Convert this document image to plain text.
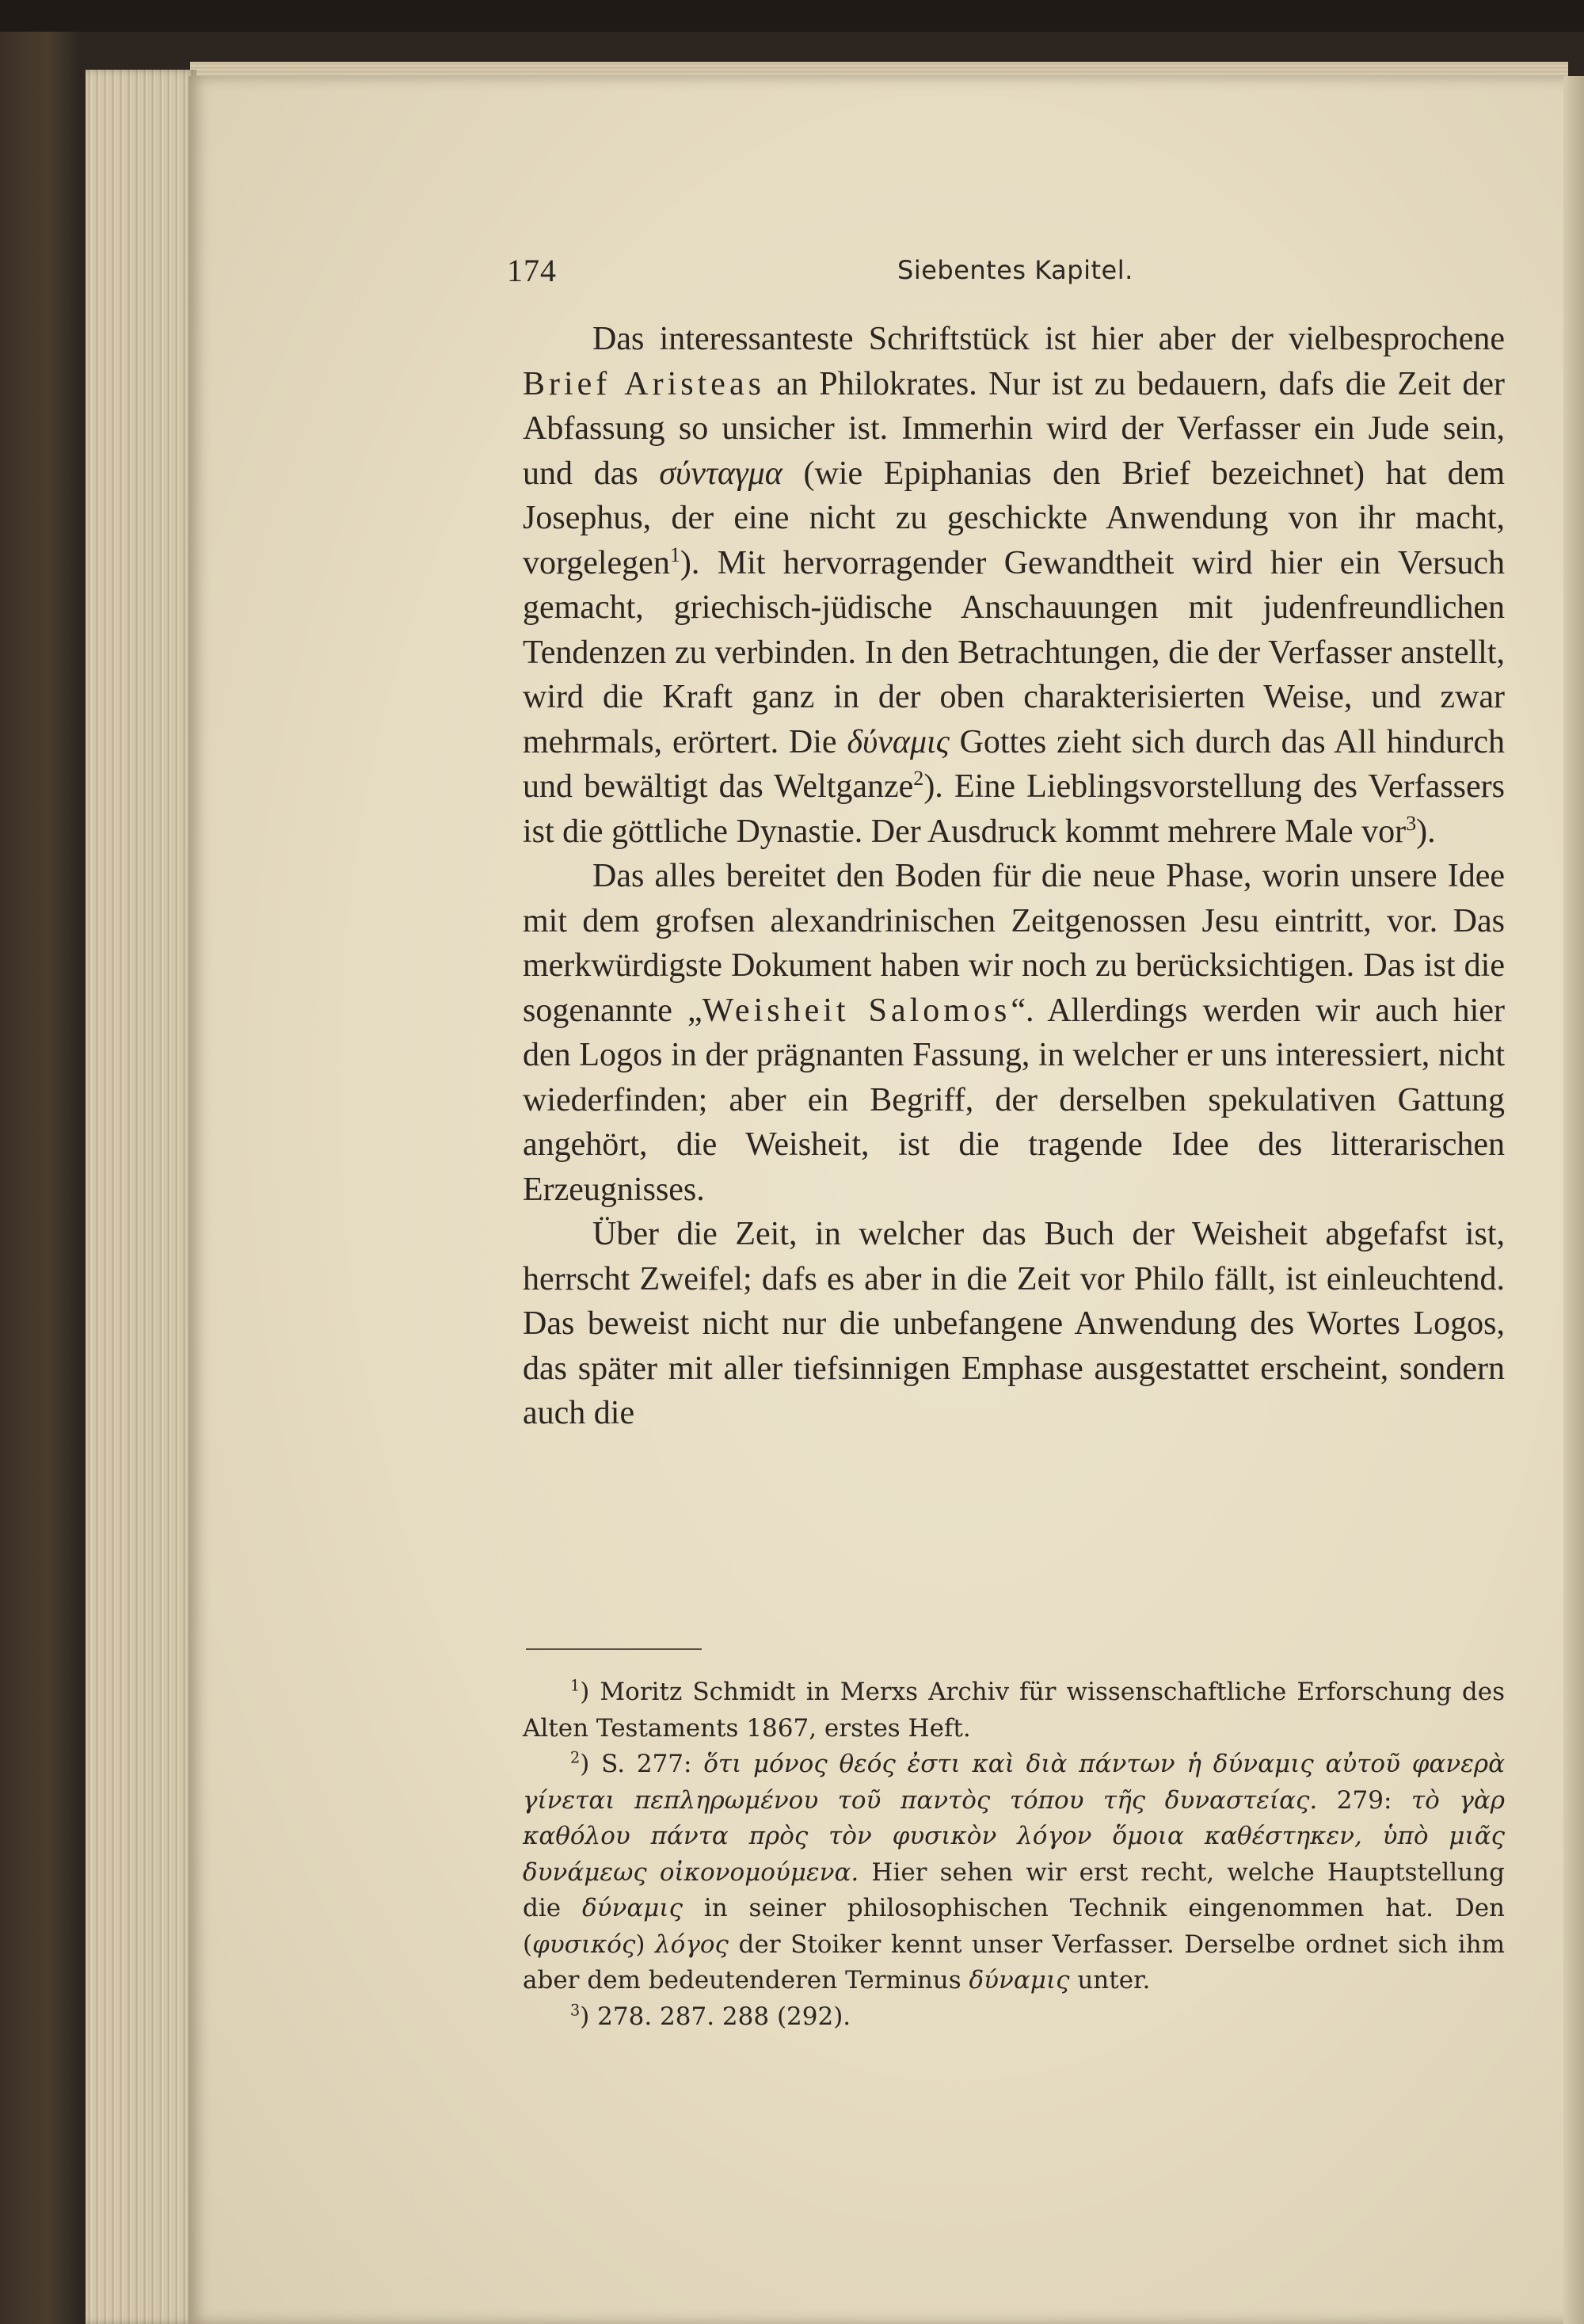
174	Siebentes Kapitel.

Das interessanteste Schriftstück ist hier aber der vielbesprochene Brief Aristeas an Philokrates. Nur ist zu bedauern, dafs die Zeit der Abfassung so unsicher ist. Immerhin wird der Verfasser ein Jude sein, und das σύνταγμα (wie Epiphanias den Brief bezeichnet) hat dem Josephus, der eine nicht zu geschickte Anwendung von ihr macht, vorgelegen$^1$). Mit hervorragender Gewandtheit wird hier ein Versuch gemacht, griechisch-jüdische Anschauungen mit judenfreundlichen Tendenzen zu verbinden. In den Betrachtungen, die der Verfasser anstellt, wird die Kraft ganz in der oben charakterisierten Weise, und zwar mehrmals, erörtert. Die δύναμις Gottes zieht sich durch das All hindurch und bewältigt das Weltganze$^2$). Eine Lieblingsvorstellung des Verfassers ist die göttliche Dynastie. Der Ausdruck kommt mehrere Male vor$^3$).

Das alles bereitet den Boden für die neue Phase, worin unsere Idee mit dem grofsen alexandrinischen Zeitgenossen Jesu eintritt, vor. Das merkwürdigste Dokument haben wir noch zu berücksichtigen. Das ist die sogenannte „Weisheit Salomos“. Allerdings werden wir auch hier den Logos in der prägnanten Fassung, in welcher er uns interessiert, nicht wiederfinden; aber ein Begriff, der derselben spekulativen Gattung angehört, die Weisheit, ist die tragende Idee des litterarischen Erzeugnisses.

Über die Zeit, in welcher das Buch der Weisheit abgefafst ist, herrscht Zweifel; dafs es aber in die Zeit vor Philo fällt, ist einleuchtend. Das beweist nicht nur die unbefangene Anwendung des Wortes Logos, das später mit aller tiefsinnigen Emphase ausgestattet erscheint, sondern auch die

$^1$) Moritz Schmidt in Merxs Archiv für wissenschaftliche Erforschung des Alten Testaments 1867, erstes Heft.

$^2$) S. 277: ὅτι μόνος θεός ἐστι καὶ διὰ πάντων ἡ δύναμις αὐτοῦ φανερὰ γίνεται πεπληρωμένου τοῦ παντὸς τόπου τῆς δυναστείας. 279: τὸ γὰρ καθόλου πάντα πρὸς τὸν φυσικὸν λόγον ὅμοια καθέστηκεν, ὑπὸ μιᾶς δυνάμεως οἰκονομούμενα. Hier sehen wir erst recht, welche Hauptstellung die δύναμις in seiner philosophischen Technik eingenommen hat. Den (φυσικός) λόγος der Stoiker kennt unser Verfasser. Derselbe ordnet sich ihm aber dem bedeutenderen Terminus δύναμις unter.

$^3$) 278. 287. 288 (292).
